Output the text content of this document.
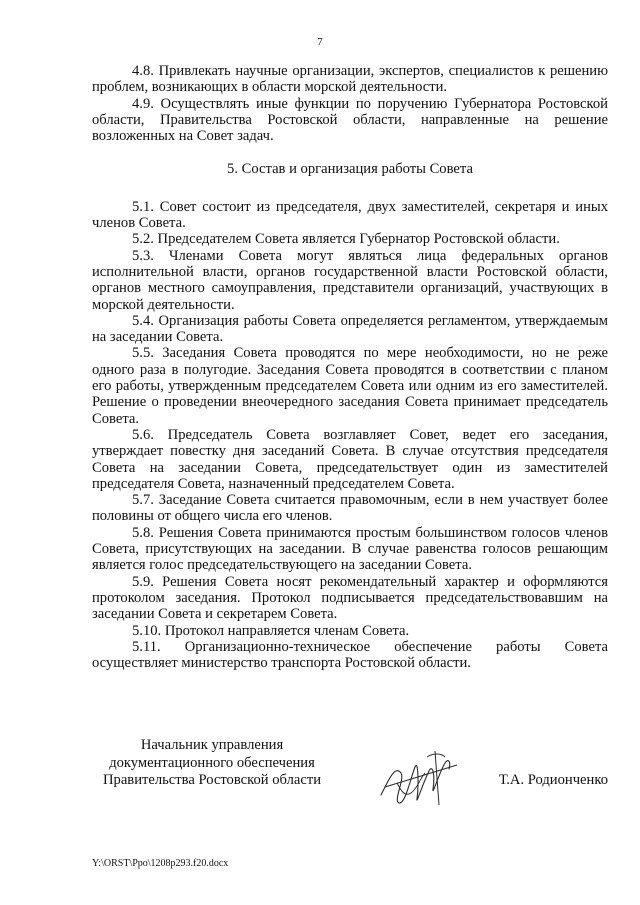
7

4.8. Привлекать научные организации, экспертов, специалистов к решению проблем, возникающих в области морской деятельности.

4.9. Осуществлять иные функции по поручению Губернатора Ростовской области, Правительства Ростовской области, направленные на решение возложенных на Совет задач.

5. Состав и организация работы Совета

5.1. Совет состоит из председателя, двух заместителей, секретаря и иных членов Совета.

5.2. Председателем Совета является Губернатор Ростовской области.

5.3. Членами Совета могут являться лица федеральных органов исполнительной власти, органов государственной власти Ростовской области, органов местного самоуправления, представители организаций, участвующих в морской деятельности.

5.4. Организация работы Совета определяется регламентом, утверждаемым на заседании Совета.

5.5. Заседания Совета проводятся по мере необходимости, но не реже одного раза в полугодие. Заседания Совета проводятся в соответствии с планом его работы, утвержденным председателем Совета или одним из его заместителей. Решение о проведении внеочередного заседания Совета принимает председатель Совета.

5.6. Председатель Совета возглавляет Совет, ведет его заседания, утверждает повестку дня заседаний Совета. В случае отсутствия председателя Совета на заседании Совета, председательствует один из заместителей председателя Совета, назначенный председателем Совета.

5.7. Заседание Совета считается правомочным, если в нем участвует более половины от общего числа его членов.

5.8. Решения Совета принимаются простым большинством голосов членов Совета, присутствующих на заседании. В случае равенства голосов решающим является голос председательствующего на заседании Совета.

5.9. Решения Совета носят рекомендательный характер и оформляются протоколом заседания. Протокол подписывается председательствовавшим на заседании Совета и секретарем Совета.

5.10. Протокол направляется членам Совета.

5.11. Организационно-техническое обеспечение работы Совета осуществляет министерство транспорта Ростовской области.

Начальник управления
документационного обеспечения
Правительства Ростовской области	Т.А. Родионченко
Y:\ORST\Ppo\1208p293.f20.docx
